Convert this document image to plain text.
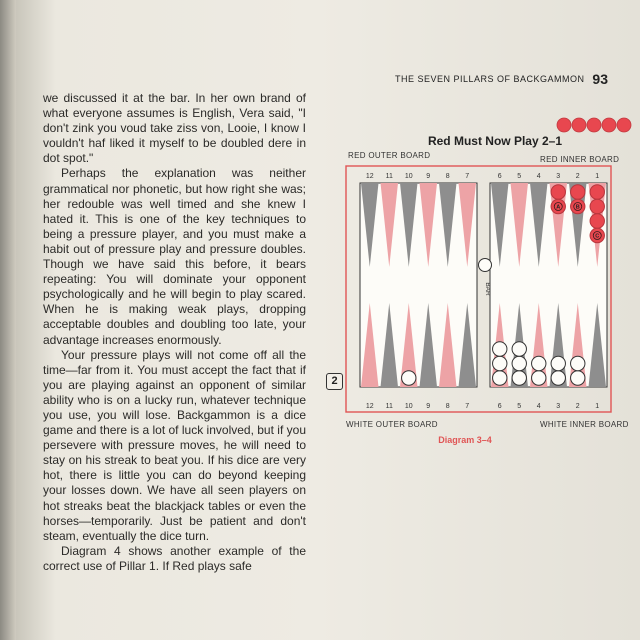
THE SEVEN PILLARS OF BACKGAMMON 93

we discussed it at the bar. In her own brand of what everyone assumes is English, Vera said, "I don't zink you voud take ziss von, Looie, I know I vouldn't haf liked it myself to be doubled dere in dot spot."

Perhaps the explanation was neither grammatical nor phonetic, but how right she was; her redouble was well timed and she knew I hated it. This is one of the key techniques to being a pressure player, and you must make a habit out of pressure play and pressure doubles. Though we have said this before, it bears repeating: You will dominate your opponent psychologically and he will begin to play scared. When he is making weak plays, dropping acceptable doubles and doubling too late, your advantage increases enormously.

Your pressure plays will not come off all the time—far from it. You must accept the fact that if you are playing against an opponent of similar ability who is on a lucky run, whatever technique you use, you will lose. Backgammon is a dice game and there is a lot of luck involved, but if you persevere with pressure moves, he will need to stay on his streak to beat you. If his dice are very hot, there is little you can do beyond keeping your losses down. We have all seen players on hot streaks beat the blackjack tables or even the horses—temporarily. Just be patient and don't steam, eventually the dice turn.

Diagram 4 shows another example of the correct use of Pillar 1. If Red plays safe

Red Must Now Play 2–1
RED OUTER BOARD	RED INNER BOARD
WHITE OUTER BOARD	WHITE INNER BOARD
2
12 11 10 9 8 7	6 5 4 3 2 1
12 11 10 9 8 7	6 5 4 3 2 1
BAR
A	B
C
Diagram 3–4
